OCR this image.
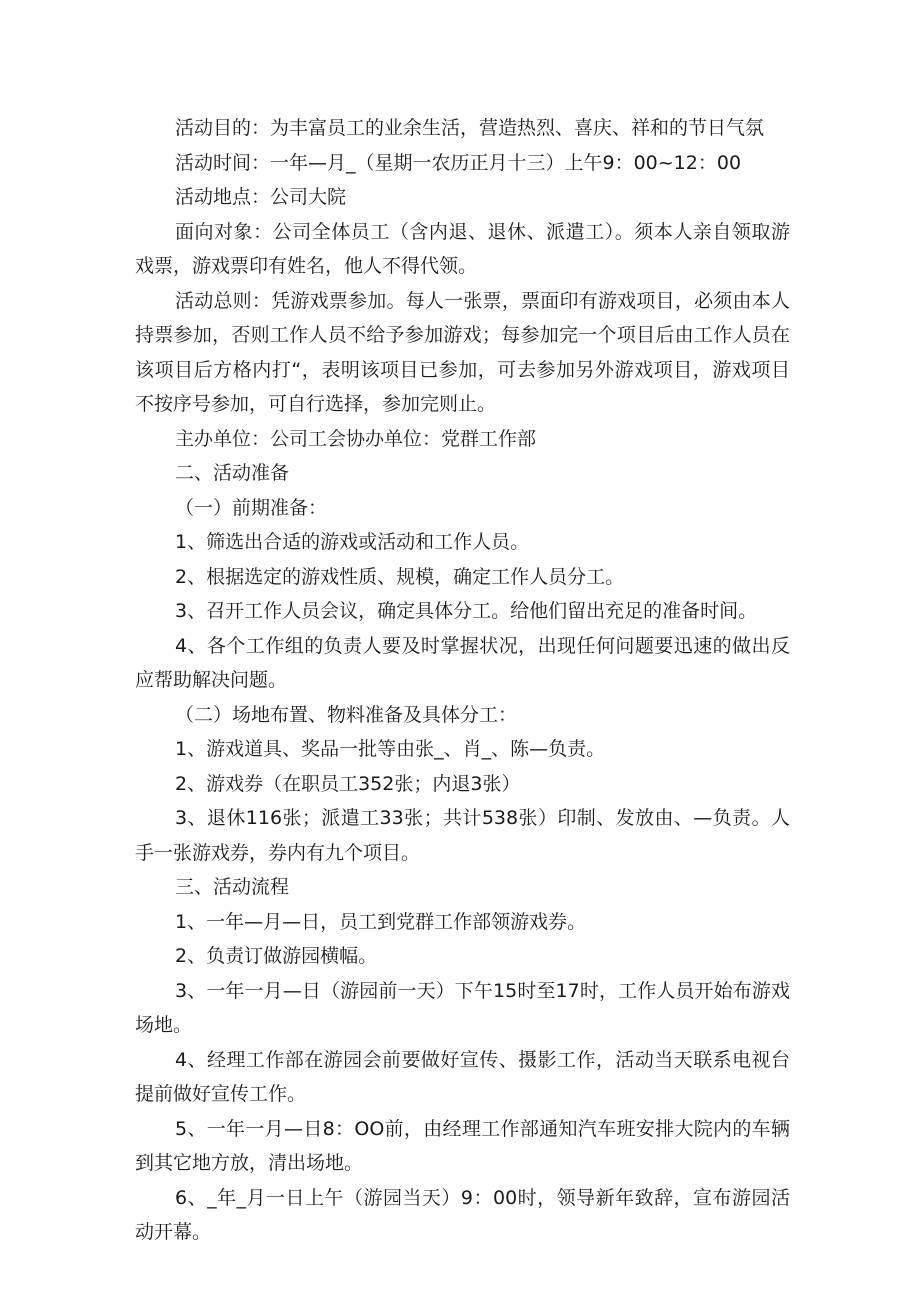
活动目的：为丰富员工的业余生活，营造热烈、喜庆、祥和的节日气氛

活动时间：一年—月_（星期一农历正月十三）上午9：00~12：00

活动地点：公司大院

面向对象：公司全体员工（含内退、退休、派遣工）。须本人亲自领取游戏票，游戏票印有姓名，他人不得代领。

活动总则：凭游戏票参加。每人一张票，票面印有游戏项目，必须由本人持票参加，否则工作人员不给予参加游戏；每参加完一个项目后由工作人员在该项目后方格内打“，表明该项目已参加，可去参加另外游戏项目，游戏项目不按序号参加，可自行选择，参加完则止。

主办单位：公司工会协办单位：党群工作部

二、活动准备

（一）前期准备：

1、筛选出合适的游戏或活动和工作人员。

2、根据选定的游戏性质、规模，确定工作人员分工。

3、召开工作人员会议，确定具体分工。给他们留出充足的准备时间。

4、各个工作组的负责人要及时掌握状况，出现任何问题要迅速的做出反应帮助解决问题。

（二）场地布置、物料准备及具体分工：

1、游戏道具、奖品一批等由张_、肖_、陈—负责。

2、游戏券（在职员工352张；内退3张）

3、退休116张；派遣工33张；共计538张）印制、发放由、—负责。人手一张游戏券，券内有九个项目。

三、活动流程

1、一年—月—日，员工到党群工作部领游戏券。

2、负责订做游园横幅。

3、一年一月—日（游园前一天）下午15时至17时，工作人员开始布游戏场地。

4、经理工作部在游园会前要做好宣传、摄影工作，活动当天联系电视台提前做好宣传工作。

5、一年一月—日8：OO前，由经理工作部通知汽车班安排大院内的车辆到其它地方放，清出场地。

6、_年_月一日上午（游园当天）9：00时，领导新年致辞，宣布游园活动开幕。
